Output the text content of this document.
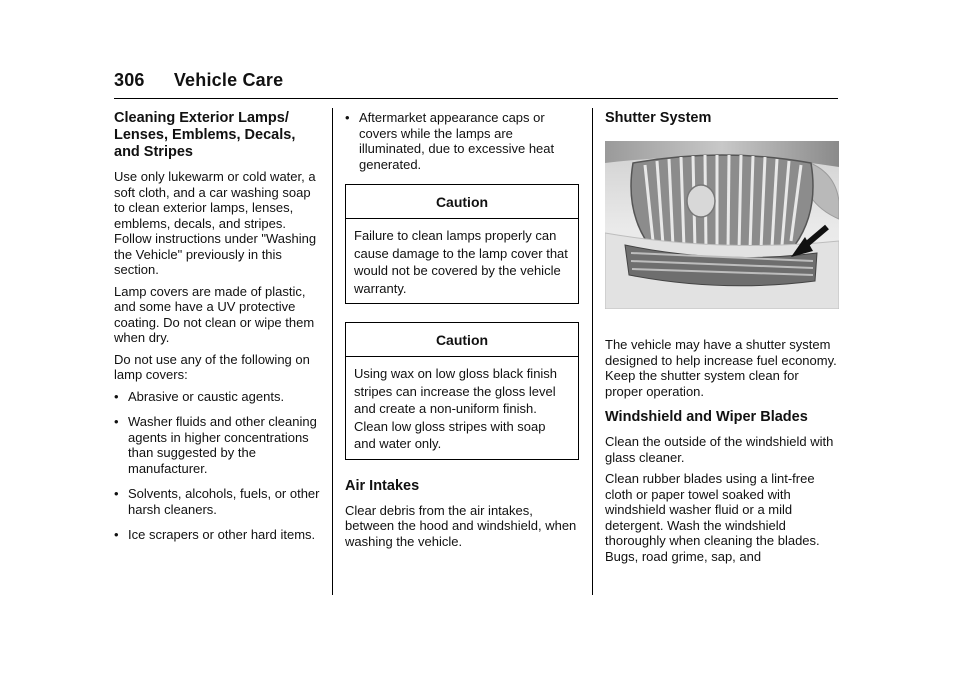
306 Vehicle Care
Cleaning Exterior Lamps/ Lenses, Emblems, Decals, and Stripes

Use only lukewarm or cold water, a soft cloth, and a car washing soap to clean exterior lamps, lenses, emblems, decals, and stripes. Follow instructions under "Washing the Vehicle" previously in this section.

Lamp covers are made of plastic, and some have a UV protective coating. Do not clean or wipe them when dry.

Do not use any of the following on lamp covers:

• Abrasive or caustic agents.
• Washer fluids and other cleaning agents in higher concentrations than suggested by the manufacturer.
• Solvents, alcohols, fuels, or other harsh cleaners.
• Ice scrapers or other hard items.
• Aftermarket appearance caps or covers while the lamps are illuminated, due to excessive heat generated.
Caution
Failure to clean lamps properly can cause damage to the lamp cover that would not be covered by the vehicle warranty.
Caution
Using wax on low gloss black finish stripes can increase the gloss level and create a non-uniform finish. Clean low gloss stripes with soap and water only.
Air Intakes

Clear debris from the air intakes, between the hood and windshield, when washing the vehicle.

Shutter System

The vehicle may have a shutter system designed to help increase fuel economy. Keep the shutter system clean for proper operation.

Windshield and Wiper Blades

Clean the outside of the windshield with glass cleaner.

Clean rubber blades using a lint-free cloth or paper towel soaked with windshield washer fluid or a mild detergent. Wash the windshield thoroughly when cleaning the blades. Bugs, road grime, sap, and
